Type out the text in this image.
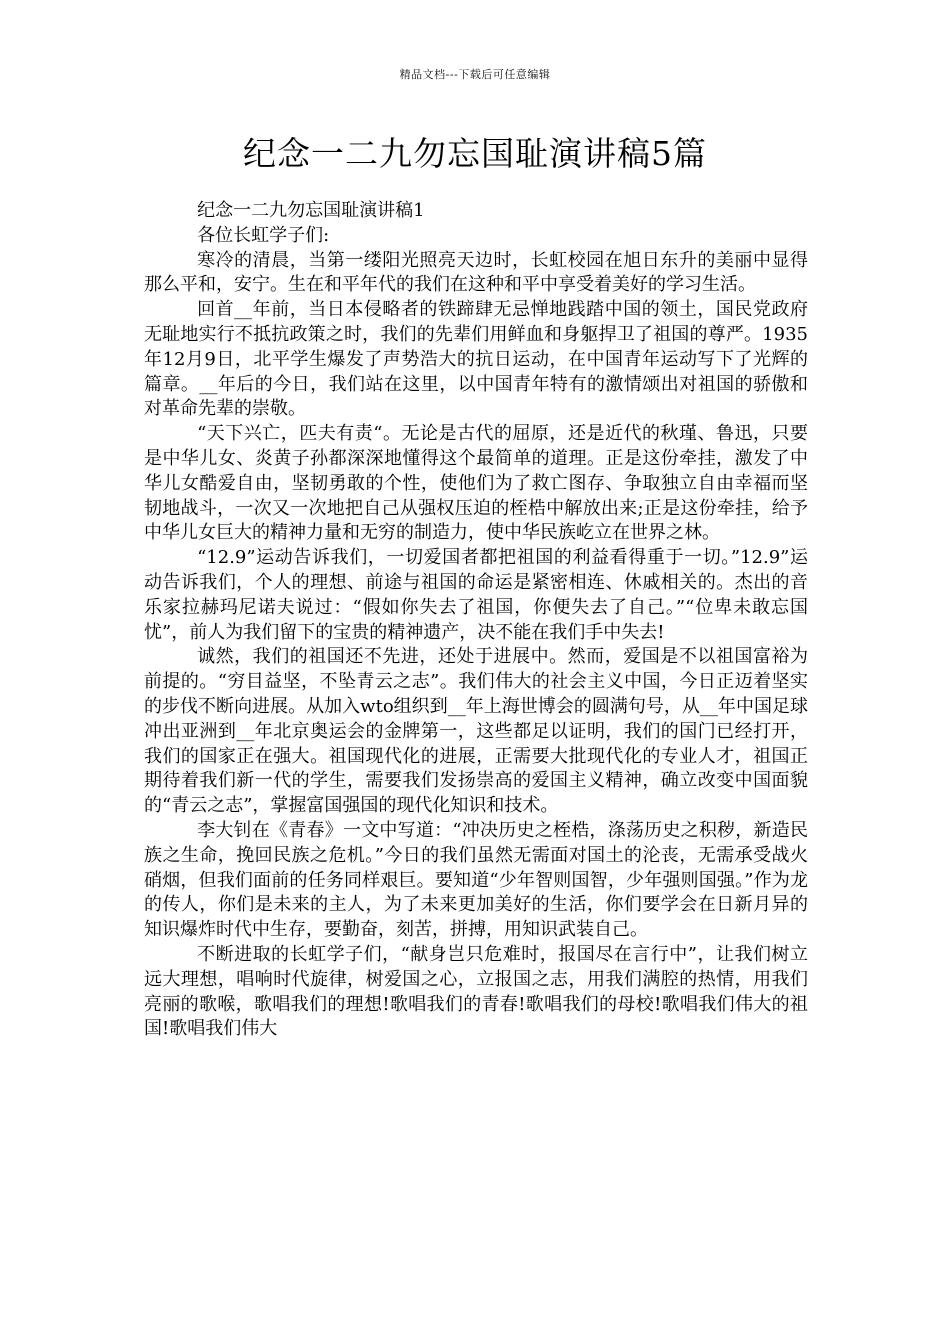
精品文档---下载后可任意编辑
纪念一二九勿忘国耻演讲稿5篇

纪念一二九勿忘国耻演讲稿1

各位长虹学子们:

寒冷的清晨，当第一缕阳光照亮天边时，长虹校园在旭日东升的美丽中显得那么平和，安宁。生在和平年代的我们在这种和平中享受着美好的学习生活。

回首__年前，当日本侵略者的铁蹄肆无忌惮地践踏中国的领土，国民党政府无耻地实行不抵抗政策之时，我们的先辈们用鲜血和身躯捍卫了祖国的尊严。1935年12月9日，北平学生爆发了声势浩大的抗日运动，在中国青年运动写下了光辉的篇章。__年后的今日，我们站在这里，以中国青年特有的激情颂出对祖国的骄傲和对革命先辈的崇敬。

“天下兴亡，匹夫有责“。无论是古代的屈原，还是近代的秋瑾、鲁迅，只要是中华儿女、炎黄子孙都深深地懂得这个最简单的道理。正是这份牵挂，激发了中华儿女酷爱自由，坚韧勇敢的个性，使他们为了救亡图存、争取独立自由幸福而坚韧地战斗，一次又一次地把自己从强权压迫的桎梏中解放出来;正是这份牵挂，给予中华儿女巨大的精神力量和无穷的制造力，使中华民族屹立在世界之林。

“12.9”运动告诉我们，一切爱国者都把祖国的利益看得重于一切。”12.9”运动告诉我们，个人的理想、前途与祖国的命运是紧密相连、休戚相关的。杰出的音乐家拉赫玛尼诺夫说过：“假如你失去了祖国，你便失去了自己。”“位卑未敢忘国忧”，前人为我们留下的宝贵的精神遗产，决不能在我们手中失去!

诚然，我们的祖国还不先进，还处于进展中。然而，爱国是不以祖国富裕为前提的。“穷目益坚，不坠青云之志”。我们伟大的社会主义中国，今日正迈着坚实的步伐不断向进展。从加入wto组织到__年上海世博会的圆满句号，从__年中国足球冲出亚洲到__年北京奥运会的金牌第一，这些都足以证明，我们的国门已经打开，我们的国家正在强大。祖国现代化的进展，正需要大批现代化的专业人才，祖国正期待着我们新一代的学生，需要我们发扬崇高的爱国主义精神，确立改变中国面貌的“青云之志”，掌握富国强国的现代化知识和技术。

李大钊在《青春》一文中写道：“冲决历史之桎梏，涤荡历史之积秽，新造民族之生命，挽回民族之危机。”今日的我们虽然无需面对国土的沦丧，无需承受战火硝烟，但我们面前的任务同样艰巨。要知道“少年智则国智，少年强则国强。”作为龙的传人，你们是未来的主人，为了未来更加美好的生活，你们要学会在日新月异的知识爆炸时代中生存，要勤奋，刻苦，拼搏，用知识武装自己。

不断进取的长虹学子们，“献身岂只危难时，报国尽在言行中”，让我们树立远大理想，唱响时代旋律，树爱国之心，立报国之志，用我们满腔的热情，用我们亮丽的歌喉，歌唱我们的理想!歌唱我们的青春!歌唱我们的母校!歌唱我们伟大的祖国!歌唱我们伟大
